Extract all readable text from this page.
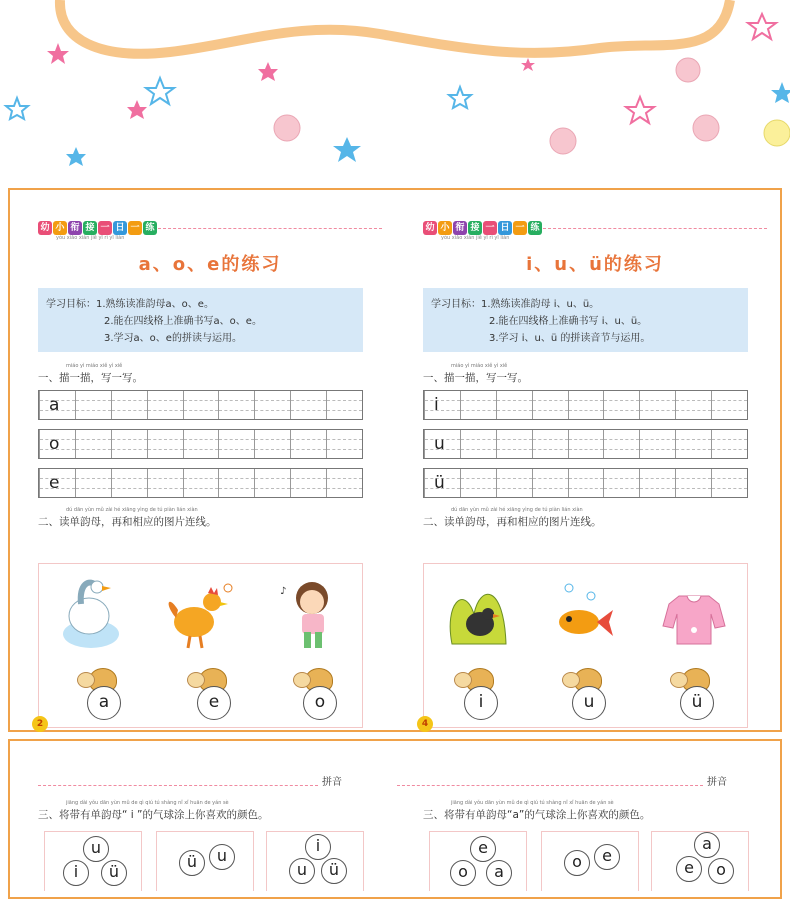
幼 小 衔 接 一 日 一 练
yòu xiǎo xián jiē yī rì yī liàn
a、o、e的练习
学习目标：1.熟练读准韵母a、o、e。
2.能在四线格上准确书写a、o、e。
3.学习a、o、e的拼读与运用。
miáo yì miáo xiě yì xiě
一、描一描，写一写。
a
o
e
dú dān yùn mǔ zài hé xiāng yìng de tú piàn lián xiàn
二、读单韵母，再和相应的图片连线。
♪
a	e	o
2
幼 小 衔 接 一 日 一 练
yòu xiǎo xián jiē yī rì yī liàn
i、u、ü的练习
学习目标：1.熟练读准韵母 i、u、ü。
2.能在四线格上准确书写 i、u、ü。
3.学习 i、u、ü 的拼读音节与运用。
miáo yì miáo xiě yì xiě
一、描一描，写一写。
i
u
ü
dú dān yùn mǔ zài hé xiāng yìng de tú piàn lián xiàn
二、读单韵母，再和相应的图片连线。
i	u	ü
4
拼音
jiāng dài yǒu dān yùn mǔ de qì qiú tú shàng nǐ xǐ huān de yán sè
三、将带有单韵母“ i ”的气球涂上你喜欢的颜色。
u
i	ü
ü	u
i
u	ü
拼音
jiāng dài yǒu dān yùn mǔ de qì qiú tú shàng nǐ xǐ huān de yán sè
三、将带有单韵母“a”的气球涂上你喜欢的颜色。
e
o	a
o	e
a
e	o
